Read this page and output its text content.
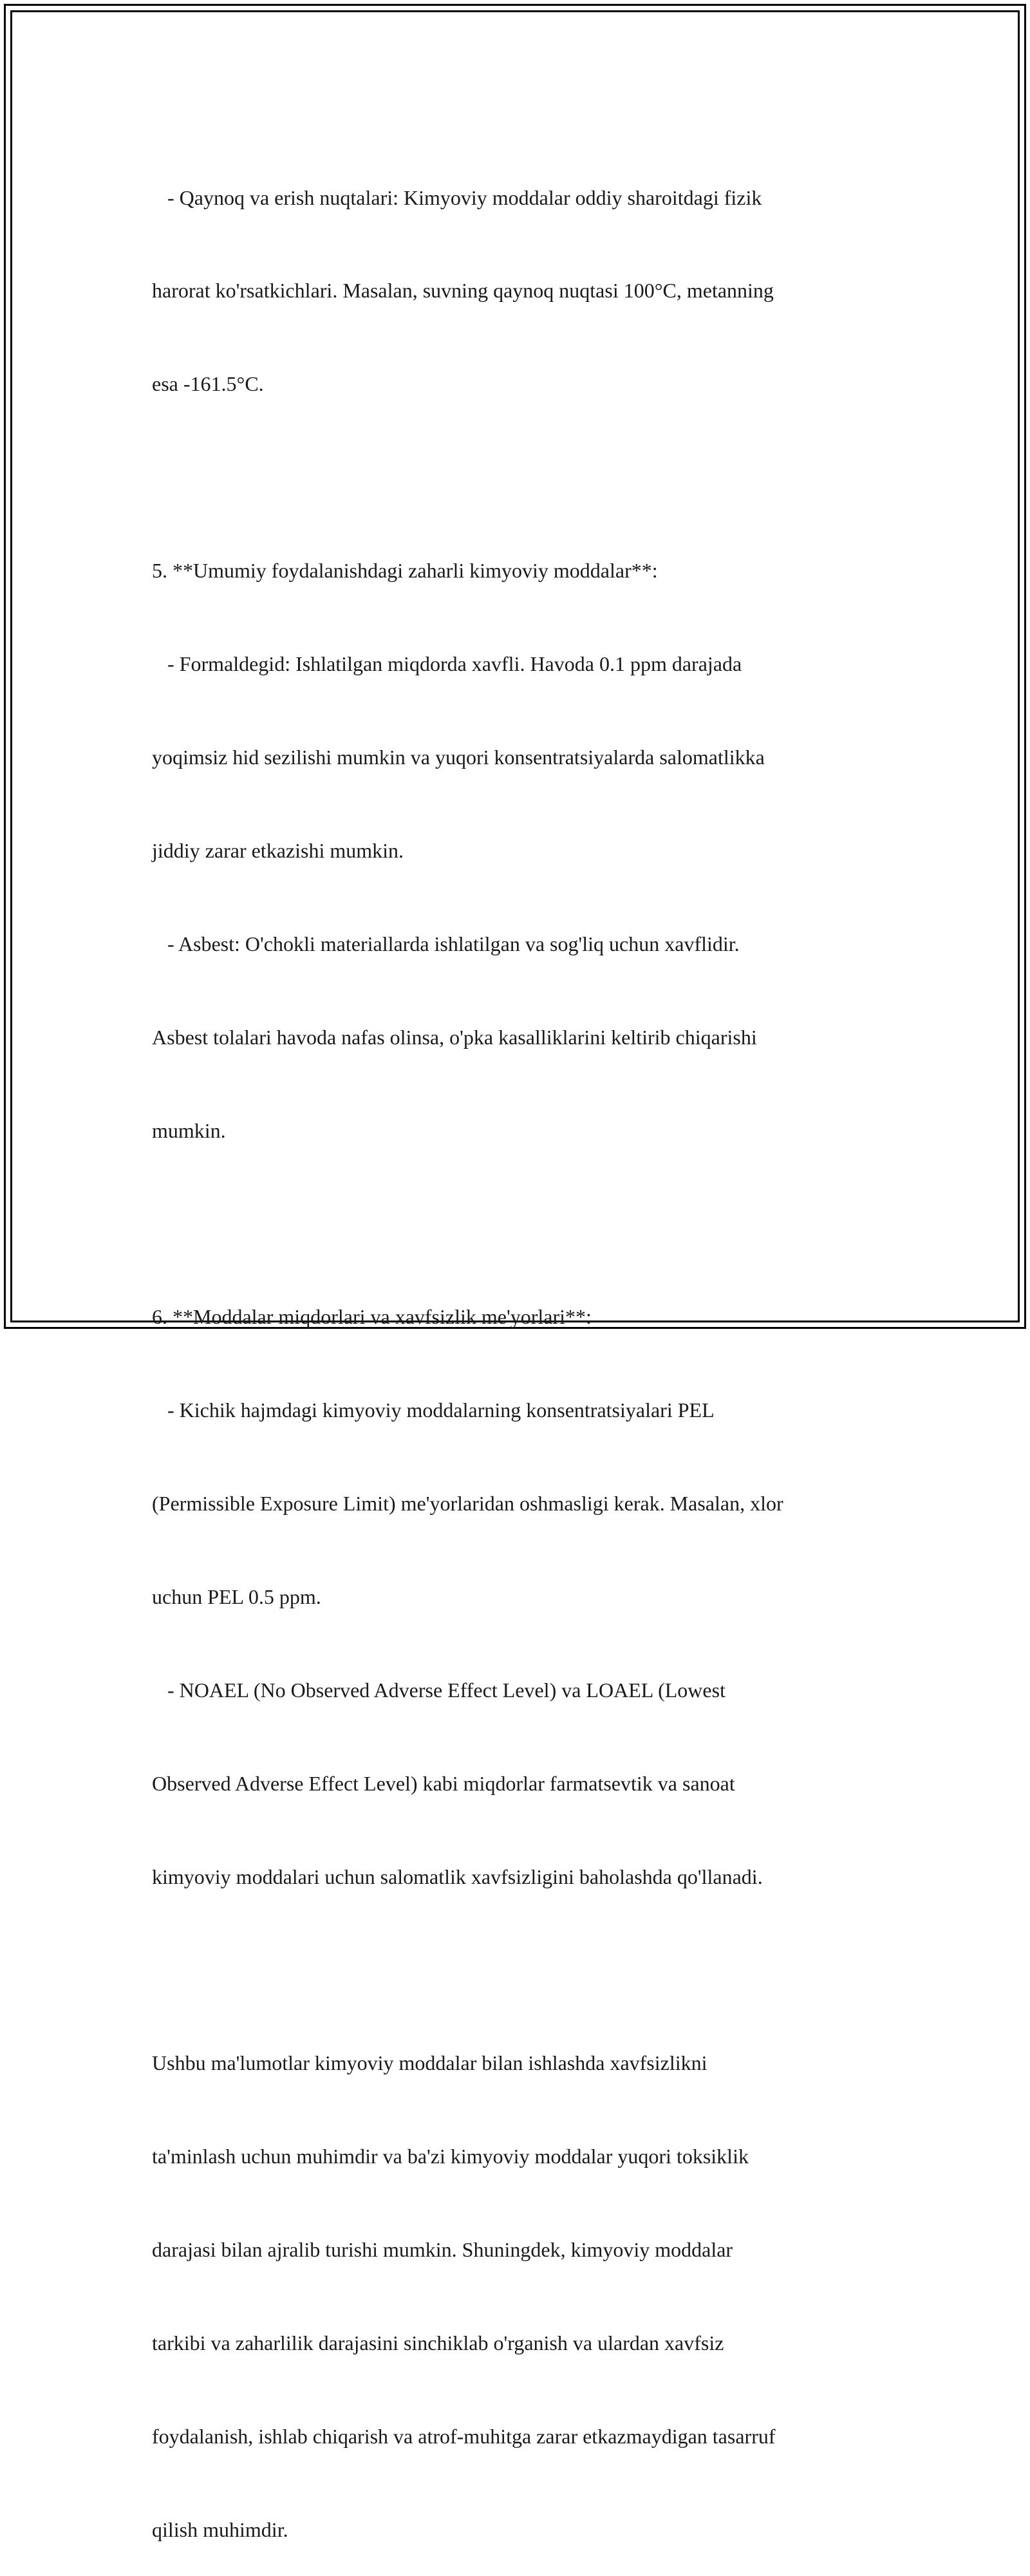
- Qaynoq va erish nuqtalari: Kimyoviy moddalar oddiy sharoitdagi fizik

harorat ko'rsatkichlari. Masalan, suvning qaynoq nuqtasi 100°C, metanning

esa -161.5°C.

5. **Umumiy foydalanishdagi zaharli kimyoviy moddalar**:

- Formaldegid: Ishlatilgan miqdorda xavfli. Havoda 0.1 ppm darajada

yoqimsiz hid sezilishi mumkin va yuqori konsentratsiyalarda salomatlikka

jiddiy zarar etkazishi mumkin.

- Asbest: O'chokli materiallarda ishlatilgan va sog'liq uchun xavflidir.

Asbest tolalari havoda nafas olinsa, o'pka kasalliklarini keltirib chiqarishi

mumkin.

6. **Moddalar miqdorlari va xavfsizlik me'yorlari**:

- Kichik hajmdagi kimyoviy moddalarning konsentratsiyalari PEL

(Permissible Exposure Limit) me'yorlaridan oshmasligi kerak. Masalan, xlor

uchun PEL 0.5 ppm.

- NOAEL (No Observed Adverse Effect Level) va LOAEL (Lowest

Observed Adverse Effect Level) kabi miqdorlar farmatsevtik va sanoat

kimyoviy moddalari uchun salomatlik xavfsizligini baholashda qo'llanadi.

Ushbu ma'lumotlar kimyoviy moddalar bilan ishlashda xavfsizlikni

ta'minlash uchun muhimdir va ba'zi kimyoviy moddalar yuqori toksiklik

darajasi bilan ajralib turishi mumkin. Shuningdek, kimyoviy moddalar

tarkibi va zaharlilik darajasini sinchiklab o'rganish va ulardan xavfsiz

foydalanish, ishlab chiqarish va atrof-muhitga zarar etkazmaydigan tasarruf

qilish muhimdir.
